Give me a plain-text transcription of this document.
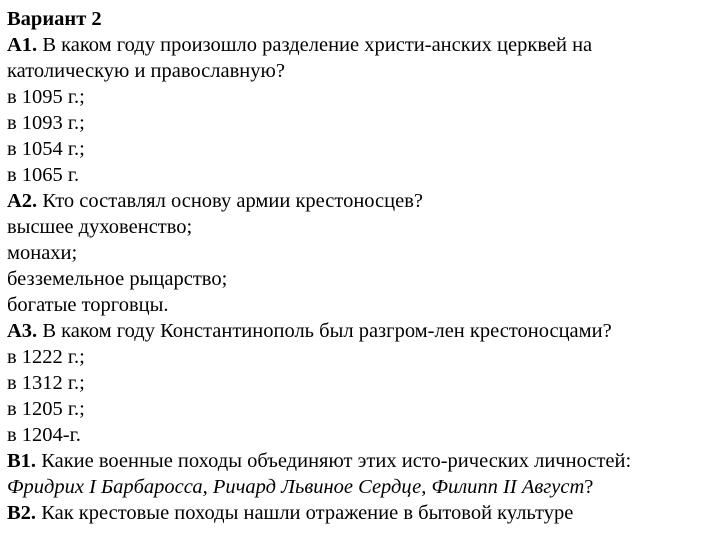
Вариант 2
А1. В каком году произошло разделение христи-анских церквей на
католическую и православную?
в 1095 г.;
в 1093 г.;
в 1054 г.;
в 1065 г.
А2. Кто составлял основу армии крестоносцев?
высшее духовенство;
монахи;
безземельное рыцарство;
богатые торговцы.
А3. В каком году Константинополь был разгром-лен крестоносцами?
в 1222 г.;
в 1312 г.;
в 1205 г.;
в 1204-г.
В1. Какие военные походы объединяют этих исто-рических личностей:
Фридрих I Барбаросса, Ричард Львиное Сердце, Филипп II Август?
В2. Как крестовые походы нашли отражение в бытовой культуре
